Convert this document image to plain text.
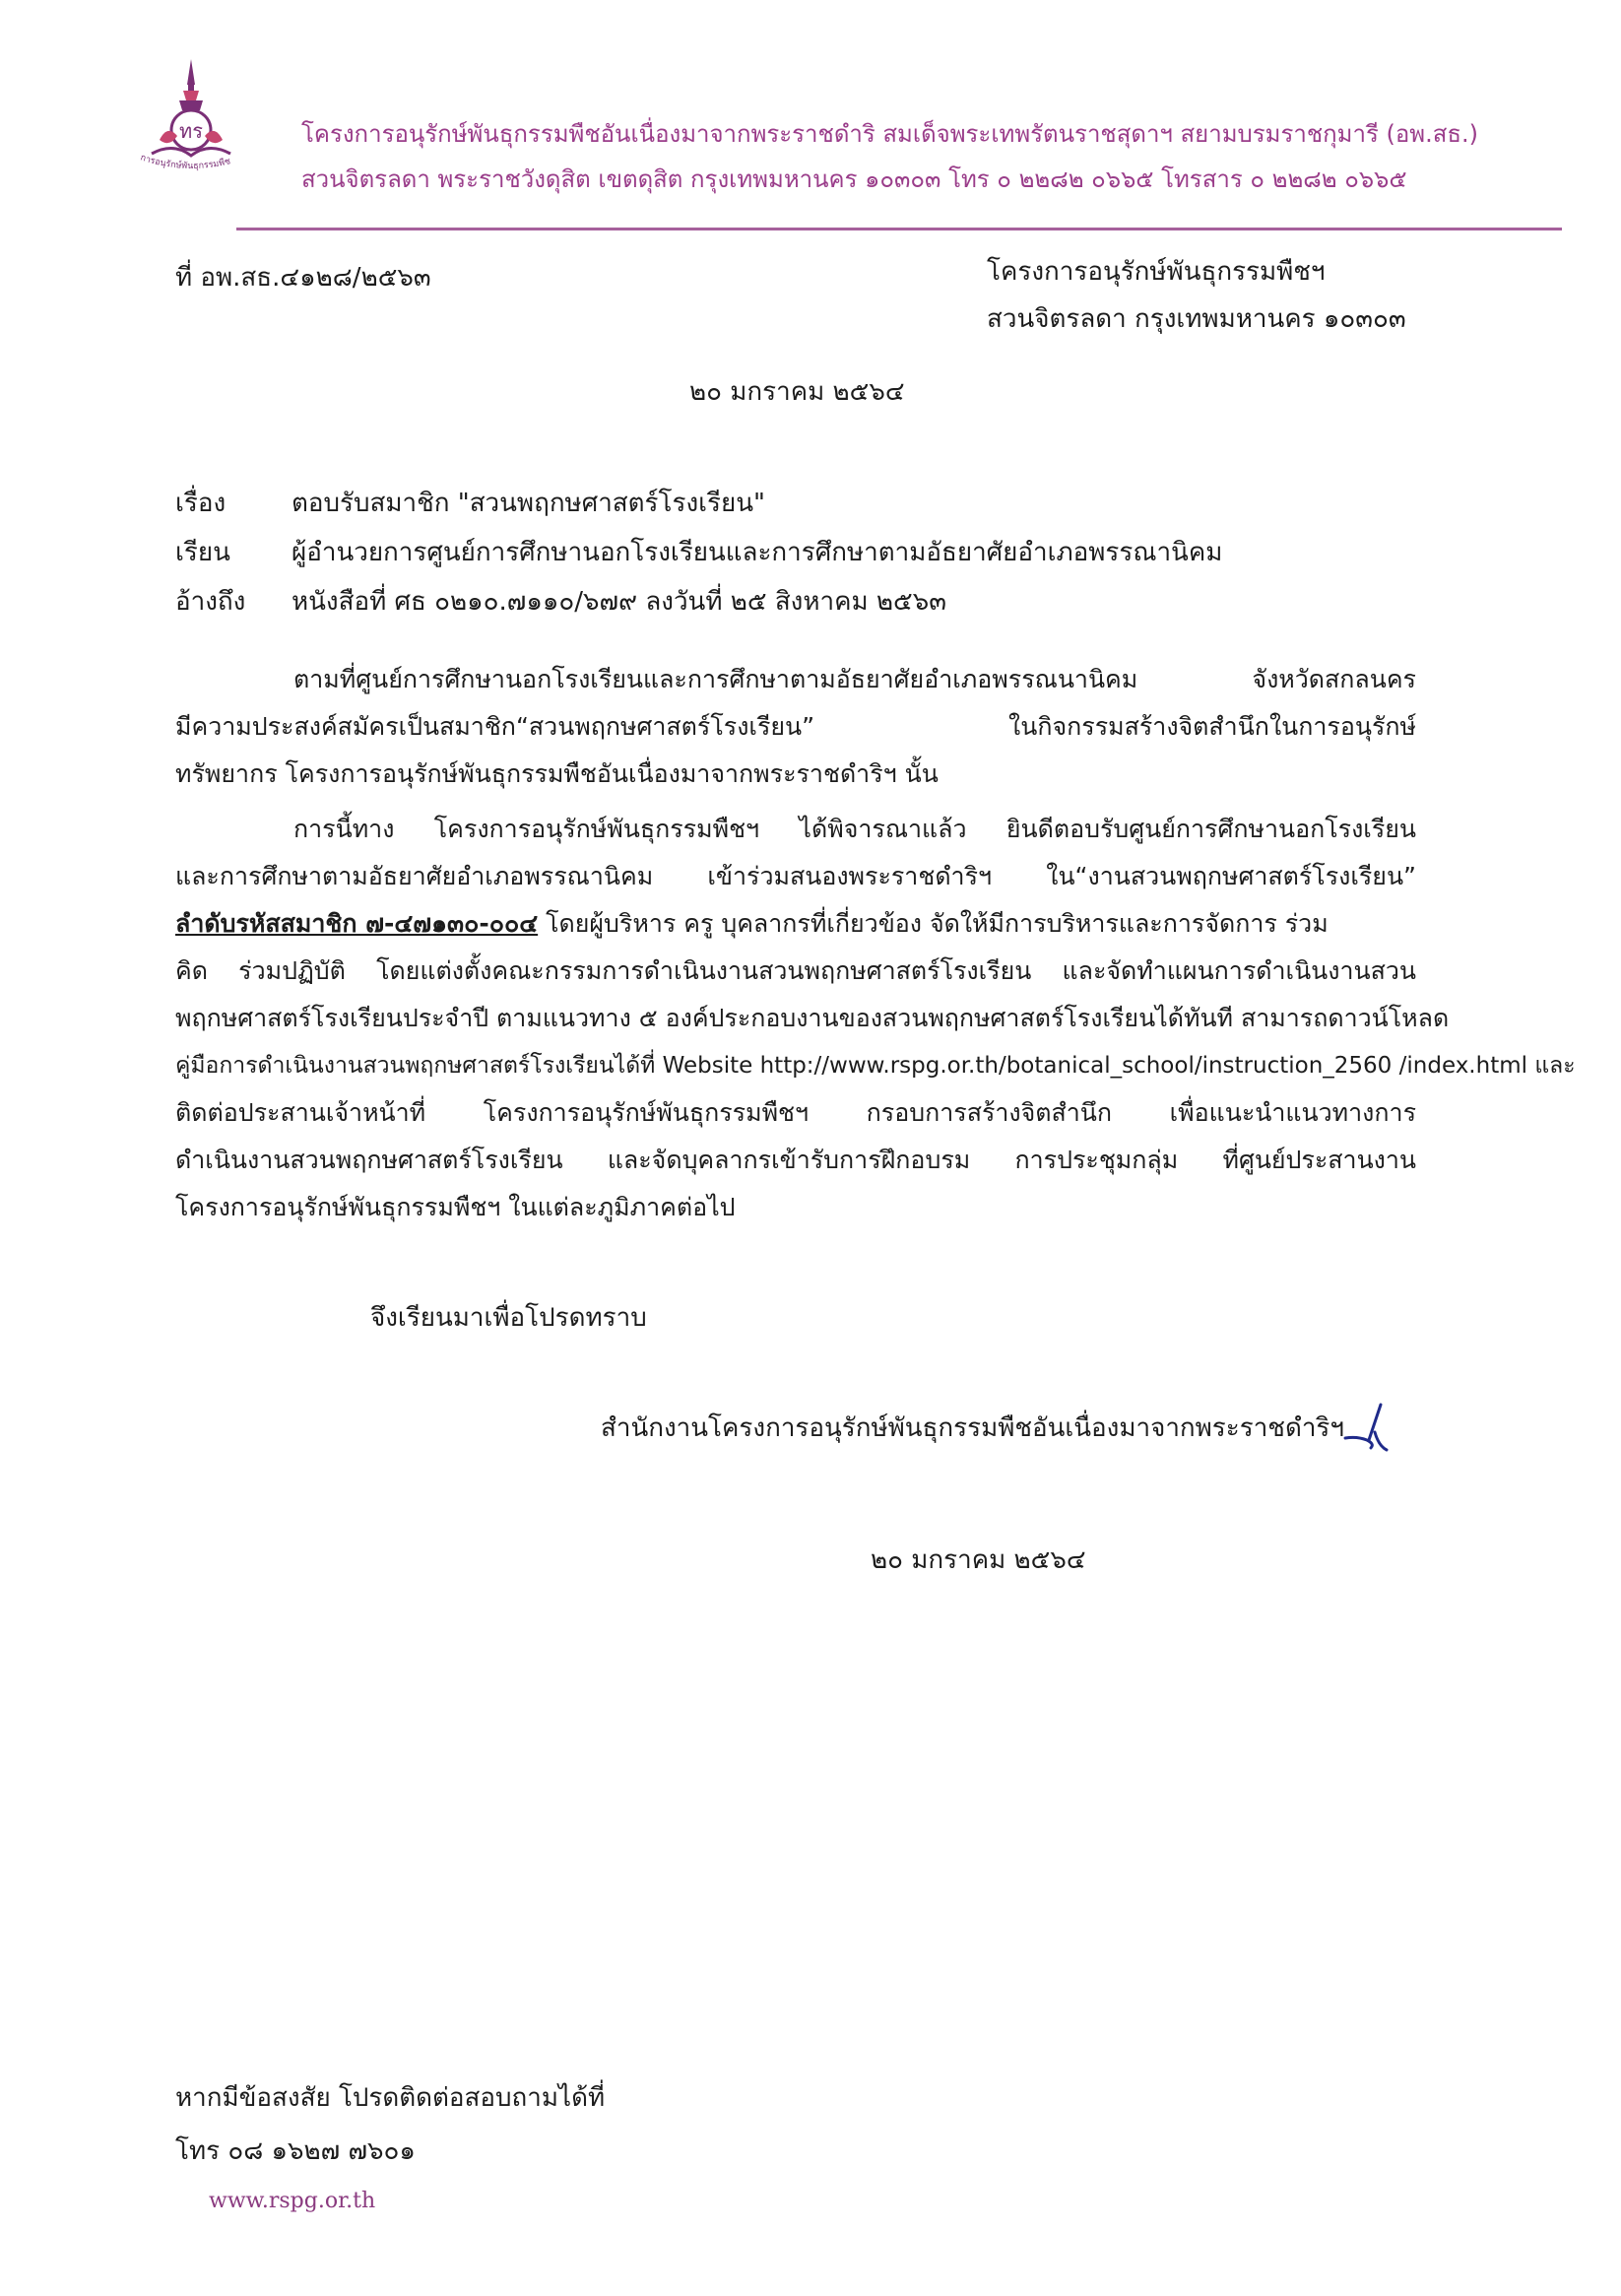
ทร
การอนุรักษ์พันธุกรรมพืช
โครงการอนุรักษ์พันธุกรรมพืชอันเนื่องมาจากพระราชดำริ สมเด็จพระเทพรัตนราชสุดาฯ สยามบรมราชกุมารี (อพ.สธ.)
สวนจิตรลดา พระราชวังดุสิต เขตดุสิต กรุงเทพมหานคร ๑๐๓๐๓ โทร ๐ ๒๒๘๒ ๐๖๖๕ โทรสาร ๐ ๒๒๘๒ ๐๖๖๕
ที่ อพ.สธ.๔๑๒๘/๒๕๖๓	โครงการอนุรักษ์พันธุกรรมพืชฯ
สวนจิตรลดา กรุงเทพมหานคร ๑๐๓๐๓
๒๐ มกราคม ๒๕๖๔
เรื่อง	ตอบรับสมาชิก "สวนพฤกษศาสตร์โรงเรียน"
เรียน ผู้อำนวยการศูนย์การศึกษานอกโรงเรียนและการศึกษาตามอัธยาศัยอำเภอพรรณานิคม
อ้างถึง หนังสือที่ ศธ ๐๒๑๐.๗๑๑๐/๖๗๙ ลงวันที่ ๒๕ สิงหาคม ๒๕๖๓
ตามที่ศูนย์การศึกษานอกโรงเรียนและการศึกษาตามอัธยาศัยอำเภอพรรณนานิคม จังหวัดสกลนคร
มีความประสงค์สมัครเป็นสมาชิก“สวนพฤกษศาสตร์โรงเรียน” ในกิจกรรมสร้างจิตสำนึกในการอนุรักษ์
ทรัพยากร โครงการอนุรักษ์พันธุกรรมพืชอันเนื่องมาจากพระราชดำริฯ นั้น
การนี้ทาง โครงการอนุรักษ์พันธุกรรมพืชฯ ได้พิจารณาแล้ว ยินดีตอบรับศูนย์การศึกษานอกโรงเรียน
และการศึกษาตามอัธยาศัยอำเภอพรรณานิคม เข้าร่วมสนองพระราชดำริฯ ใน“งานสวนพฤกษศาสตร์โรงเรียน”
ลำดับรหัสสมาชิก ๗-๔๗๑๓๐-๐๐๔ โดยผู้บริหาร ครู บุคลากรที่เกี่ยวข้อง จัดให้มีการบริหารและการจัดการ ร่วม
คิด ร่วมปฏิบัติ โดยแต่งตั้งคณะกรรมการดำเนินงานสวนพฤกษศาสตร์โรงเรียน และจัดทำแผนการดำเนินงานสวน
พฤกษศาสตร์โรงเรียนประจำปี ตามแนวทาง ๕ องค์ประกอบงานของสวนพฤกษศาสตร์โรงเรียนได้ทันที สามารถดาวน์โหลด
คู่มือการดำเนินงานสวนพฤกษศาสตร์โรงเรียนได้ที่ Website http://www.rspg.or.th/botanical_school/instruction_2560 /index.html และ
ติดต่อประสานเจ้าหน้าที่ โครงการอนุรักษ์พันธุกรรมพืชฯ กรอบการสร้างจิตสำนึก เพื่อแนะนำแนวทางการ
ดำเนินงานสวนพฤกษศาสตร์โรงเรียน และจัดบุคลากรเข้ารับการฝึกอบรม การประชุมกลุ่ม ที่ศูนย์ประสานงาน
โครงการอนุรักษ์พันธุกรรมพืชฯ ในแต่ละภูมิภาคต่อไป
จึงเรียนมาเพื่อโปรดทราบ
สำนักงานโครงการอนุรักษ์พันธุกรรมพืชอันเนื่องมาจากพระราชดำริฯ
๒๐ มกราคม ๒๕๖๔
หากมีข้อสงสัย โปรดติดต่อสอบถามได้ที่
โทร ๐๘ ๑๖๒๗ ๗๖๐๑
www.rspg.or.th
